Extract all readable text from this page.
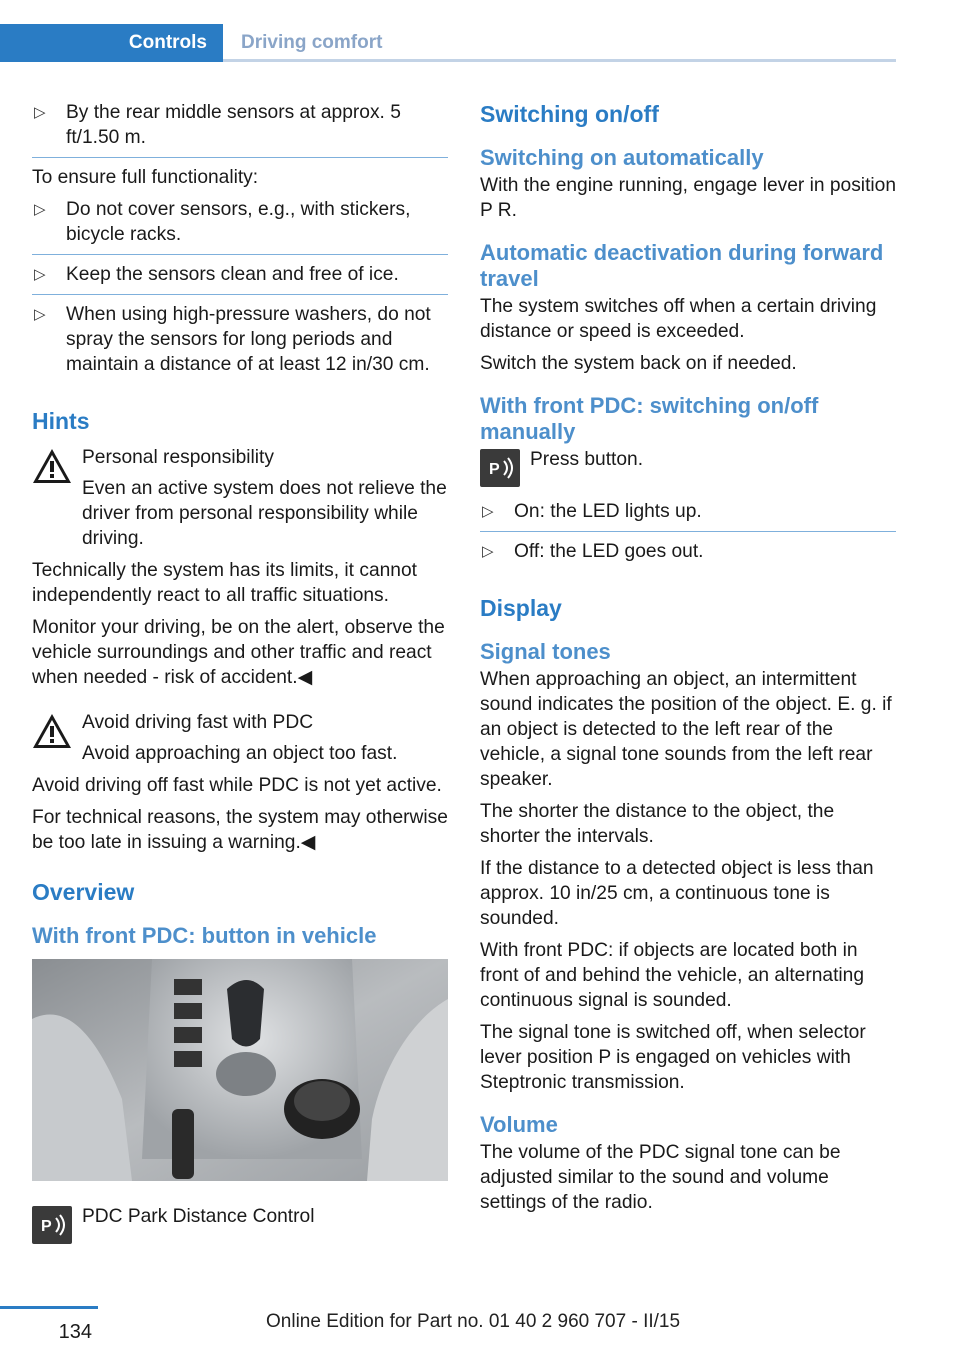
Controls	Driving comfort
▷ By the rear middle sensors at approx. 5 ft/1.50 m.

To ensure full functionality:

▷ Do not cover sensors, e.g., with stickers, bicycle racks.
▷ Keep the sensors clean and free of ice.
▷ When using high-pressure washers, do not spray the sensors for long periods and maintain a distance of at least 12 in/30 cm.
Hints
Personal responsibility

Even an active system does not relieve the driver from personal responsibility while driving.

Technically the system has its limits, it cannot independently react to all traffic situations.

Monitor your driving, be on the alert, observe the vehicle surroundings and other traffic and react when needed - risk of accident.◀

Avoid driving fast with PDC
Avoid approaching an object too fast.

Avoid driving off fast while PDC is not yet active.

For technical reasons, the system may otherwise be too late in issuing a warning.◀

Overview
With front PDC: button in vehicle
P	PDC Park Distance Control
Switching on/off
Switching on automatically

With the engine running, engage lever in position P R.

Automatic deactivation during forward travel

The system switches off when a certain driving distance or speed is exceeded.

Switch the system back on if needed.

With front PDC: switching on/off manually
P	Press button.
▷ On: the LED lights up.
▷ Off: the LED goes out.
Display
Signal tones

When approaching an object, an intermittent sound indicates the position of the object. E. g. if an object is detected to the left rear of the vehicle, a signal tone sounds from the left rear speaker.

The shorter the distance to the object, the shorter the intervals.

If the distance to a detected object is less than approx. 10 in/25 cm, a continuous tone is sounded.

With front PDC: if objects are located both in front of and behind the vehicle, an alternating continuous signal is sounded.

The signal tone is switched off, when selector lever position P is engaged on vehicles with Steptronic transmission.

Volume

The volume of the PDC signal tone can be adjusted similar to the sound and volume settings of the radio.

134	Online Edition for Part no. 01 40 2 960 707 - II/15
